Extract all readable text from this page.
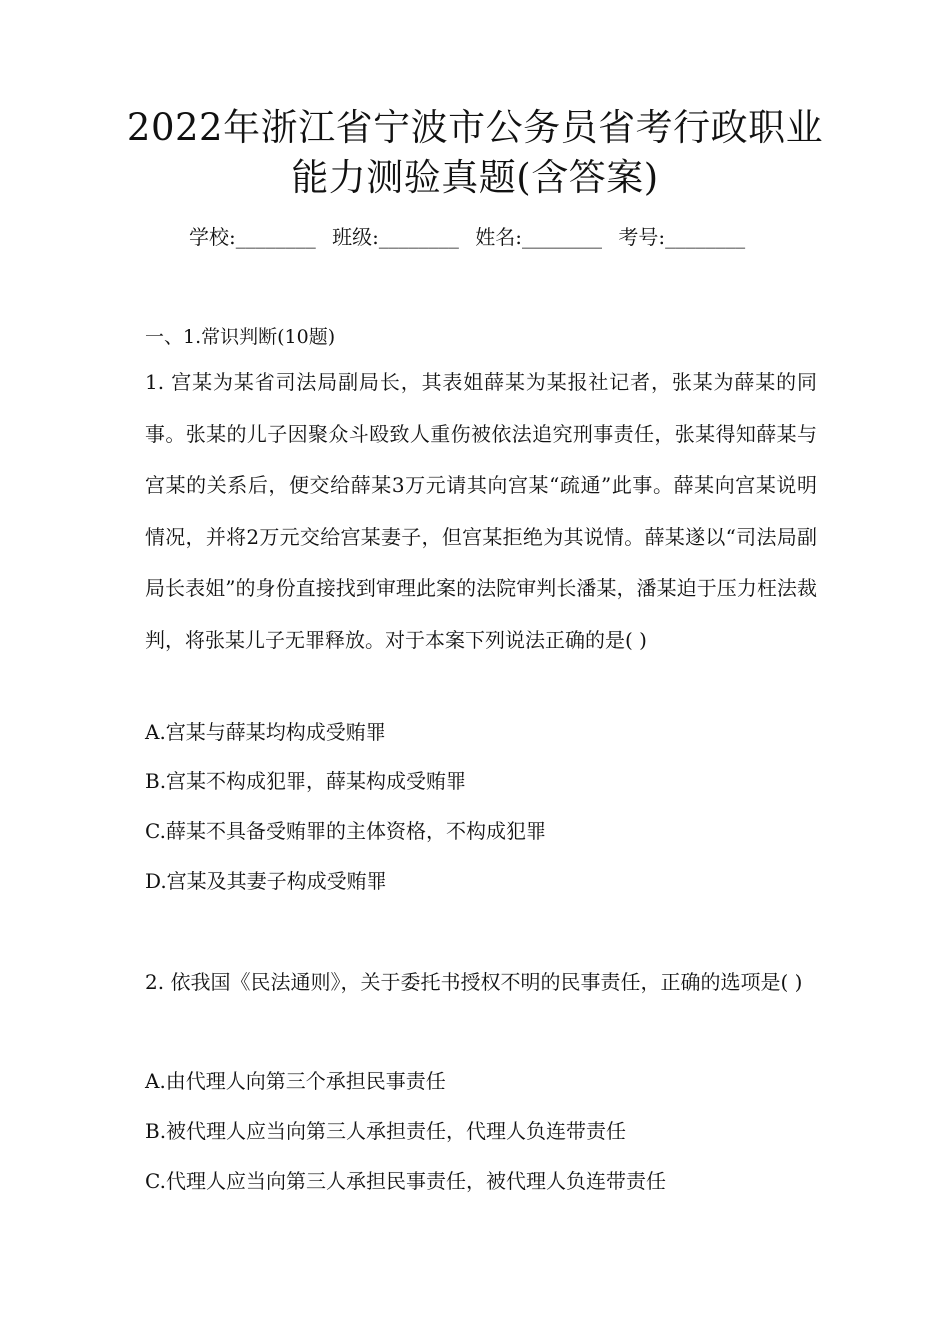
2022年浙江省宁波市公务员省考行政职业
能力测验真题(含答案)
学校:________ 班级:________ 姓名:________ 考号:________
一、1.常识判断(10题)
1. 宫某为某省司法局副局长，其表姐薛某为某报社记者，张某为薛某的同事。张某的儿子因聚众斗殴致人重伤被依法追究刑事责任，张某得知薛某与宫某的关系后，便交给薛某3万元请其向宫某“疏通”此事。薛某向宫某说明情况，并将2万元交给宫某妻子，但宫某拒绝为其说情。薛某遂以“司法局副局长表姐”的身份直接找到审理此案的法院审判长潘某，潘某迫于压力枉法裁判，将张某儿子无罪释放。对于本案下列说法正确的是( )
A.宫某与薛某均构成受贿罪
B.宫某不构成犯罪，薛某构成受贿罪
C.薛某不具备受贿罪的主体资格，不构成犯罪
D.宫某及其妻子构成受贿罪
2. 依我国《民法通则》，关于委托书授权不明的民事责任，正确的选项是( )
A.由代理人向第三个承担民事责任
B.被代理人应当向第三人承担责任，代理人负连带责任
C.代理人应当向第三人承担民事责任，被代理人负连带责任
